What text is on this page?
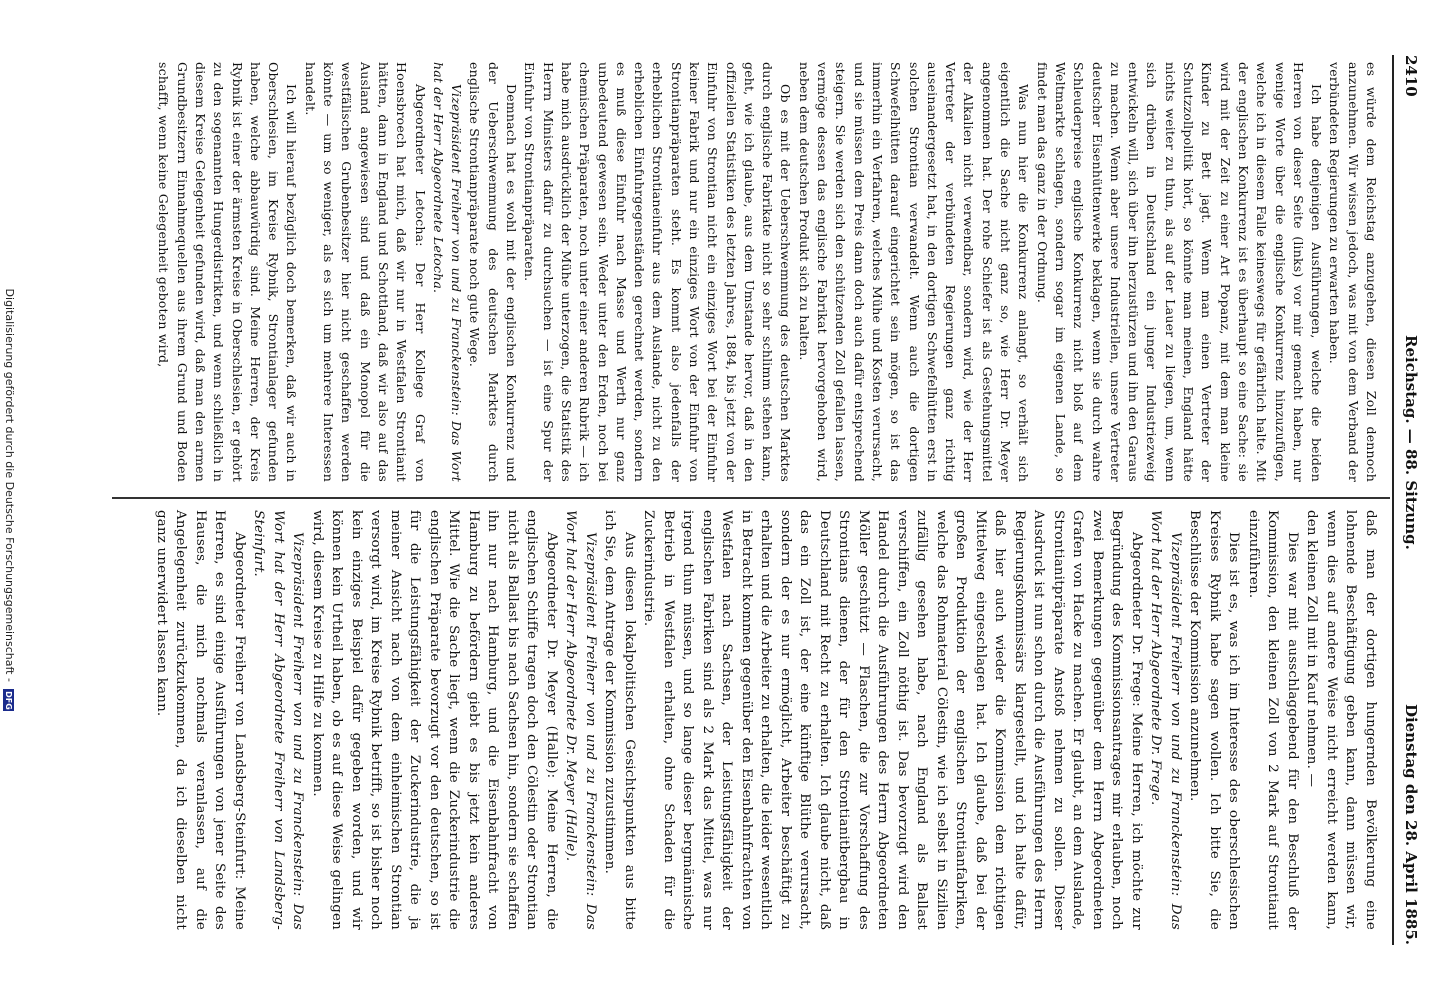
2410
Reichstag. — 88. Sitzung.
Dienstag den 28. April 1885.

es würde dem Reichstag anzugehen, diesen Zoll dennoch anzunehmen. Wir wissen jedoch, was mit von dem Verband der verbündeten Regierungen zu erwarten haben.

Ich habe denjenigen Ausführungen, welche die beiden Herren von dieser Seite (links) vor mir gemacht haben, nur wenige Worte über die englische Konkurrenz hinzuzufügen, welche ich in diesem Falle keineswegs für gefährlich halte. Mit der englischen Konkurrenz ist es überhaupt so eine Sache: sie wird mit der Zeit zu einer Art Popanz, mit dem man kleine Kinder zu Bett jagt. Wenn man einen Vertreter der Schutzzollpolitik hört, so könnte man meinen, England hätte nichts weiter zu thun, als auf der Lauer zu liegen, um, wenn sich drüben in Deutschland ein junger Industriezweig entwickeln will, sich über ihn herzustürzen und ihn den Garaus zu machen. Wenn aber unsere Industriellen, unsere Vertreter deutscher Eisenhüttenwerke beklagen, wenn sie durch wahre Schleuderpreise englische Konkurrenz nicht bloß auf dem Weltmarkte schlagen, sondern sogar im eigenen Lande, so findet man das ganz in der Ordnung.

Was nun hier die Konkurrenz anlangt, so verhält sich eigentlich die Sache nicht ganz so, wie Herr Dr. Meyer angenommen hat. Der rohe Schiefer ist als Gestehungsmittel der Alkalien nicht verwendbar, sondern wird, wie der Herr Vertreter der verbündeten Regierungen ganz richtig auseinandergesetzt hat, in den dortigen Schwefelhütten erst in solchen Strontian verwandelt. Wenn auch die dortigen Schwefelhütten darauf eingerichtet sein mögen, so ist das immerhin ein Verfahren, welches Mühe und Kosten verursacht, und sie müssen dem Preis dann doch auch dafür entsprechend steigern. Sie werden sich den schützenden Zoll gefallen lassen, vermöge dessen das englische Fabrikat hervorgehoben wird, neben dem deutschen Produkt sich zu halten.

Ob es mit der Ueberschwemmung des deutschen Marktes durch englische Fabrikate nicht so sehr schlimm stehen kann, geht, wie ich glaube, aus dem Umstande hervor, daß in den offiziellen Statistiken des letzten Jahres, 1884, bis jetzt von der Einfuhr von Strontian nicht ein einziges Wort bei der Einfuhr keiner Fabrik und nur ein einziges Wort von der Einfuhr von Strontianpräparaten steht. Es kommt also jedenfalls der erheblichen Strontianeinfuhr aus dem Auslande, nicht zu den erheblichen Einfuhrgegenständen gerechnet werden, sondern es muß diese Einfuhr nach Masse und Werth nur ganz unbedeutend gewesen sein. Weder unter den Erden, noch bei chemischen Präparaten, noch unter einer anderen Rubrik — ich habe mich ausdrücklich der Mühe unterzogen, die Statistik des Herrn Ministers dafür zu durchsuchen — ist eine Spur der Einfuhr von Strontianpräparaten.

Demnach hat es wohl mit der englischen Konkurrenz und der Ueberschwemmung des deutschen Marktes durch englische Strontianpräparate noch gute Wege.

Vizepräsident Freiherr von und zu Franckenstein: Das Wort hat der Herr Abgeordnete Letocha.

Abgeordneter Letocha: Der Herr Kollege Graf von Hoensbroech hat mich, daß wir nur in Westfalen Strontianit hätten, dann in England und Schottland, daß wir also auf das Ausland angewiesen sind und daß ein Monopol für die westfälischen Grubenbesitzer hier nicht geschaffen werden könnte — um so weniger, als es sich um mehrere Interessen handelt.

Ich will hierauf bezüglich doch bemerken, daß wir auch in Oberschlesien, im Kreise Rybnik, Strontianlager gefunden haben, welche abbauwürdig sind. Meine Herren, der Kreis Rybnik ist einer der ärmsten Kreise in Oberschlesien, er gehört zu den sogenannten Hungerdistrikten, und wenn schließlich in diesem Kreise Gelegenheit gefunden wird, daß man den armen Grundbesitzern Einnahmequellen aus ihrem Grund und Boden schafft, wenn keine Gelegenheit geboten wird,

daß man der dortigen hungernden Bevölkerung eine lohnende Beschäftigung geben kann, dann müssen wir, wenn dies auf andere Weise nicht erreicht werden kann, den kleinen Zoll mit in Kauf nehmen. —

Dies war mit ausschlaggebend für den Beschluß der Kommission, den kleinen Zoll von 2 Mark auf Strontianit einzuführen.

Dies ist es, was ich im Interesse des oberschlesischen Kreises Rybnik habe sagen wollen. Ich bitte Sie, die Beschlüsse der Kommission anzunehmen.

Vizepräsident Freiherr von und zu Franckenstein: Das Wort hat der Herr Abgeordnete Dr. Frege.

Abgeordneter Dr. Frege: Meine Herren, ich möchte zur Begründung des Kommissionsantrages mir erlauben, noch zwei Bemerkungen gegenüber dem Herrn Abgeordneten Grafen von Hacke zu machen. Er glaubt, an dem Auslande, Strontianitpräparate Anstoß nehmen zu sollen. Dieser Ausdruck ist nun schon durch die Ausführungen des Herrn Regierungskommissärs klargestellt, und ich halte dafür, daß hier auch wieder die Kommission dem richtigen Mittelweg eingeschlagen hat. Ich glaube, daß bei der großen Produktion der englischen Strontianfabriken, welche das Rohmaterial Cölestin, wie ich selbst in Sizilien zufällig gesehen habe, nach England als Ballast verschiffen, ein Zoll nöthig ist. Das bevorzugt wird den Handel durch die Ausführungen des Herrn Abgeordneten Möller geschützt — Flaschen, die zur Vorschaffung des Strontians dienen, der für den Strontianitbergbau in Deutschland mit Recht zu erhalten. Ich glaube nicht, daß das ein Zoll ist, der eine künftige Blüthe verursacht, sondern der es nur ermöglicht, Arbeiter beschäftigt zu erhalten und die Arbeiter zu erhalten, die leider wesentlich in Betracht kommen gegenüber den Eisenbahnfrachten von Westfalen nach Sachsen, der Leistungsfähigkeit der englischen Fabriken sind als 2 Mark das Mittel, was nur irgend thun müssen, und so lange dieser bergmännische Betrieb in Westfalen erhalten, ohne Schaden für die Zuckerindustrie.

Aus diesen lokalpolitischen Gesichtspunkten aus bitte ich Sie, dem Antrage der Kommission zuzustimmen.

Vizepräsident Freiherr von und zu Franckenstein: Das Wort hat der Herr Abgeordnete Dr. Meyer (Halle).

Abgeordneter Dr. Meyer (Halle): Meine Herren, die englischen Schiffe tragen doch den Cölestin oder Strontian nicht als Ballast bis nach Sachsen hin, sondern sie schaffen ihn nur nach Hamburg, und die Eisenbahnfracht von Hamburg zu befördern giebt es bis jetzt kein anderes Mittel. Wie die Sache liegt, wenn die Zuckerindustrie die englischen Präparate bevorzugt vor den deutschen, so ist für die Leistungsfähigkeit der Zuckerindustrie, die ja meiner Ansicht nach von dem einheimischen Strontian versorgt wird, im Kreise Rybnik betrifft, so ist bisher noch kein einziges Beispiel dafür gegeben worden, und wir können kein Urtheil haben, ob es auf diese Weise gelingen wird, diesem Kreise zu Hilfe zu kommen.

Vizepräsident Freiherr von und zu Franckenstein: Das Wort hat der Herr Abgeordnete Freiherr von Landsberg-Steinfurt.

Abgeordneter Freiherr von Landsberg-Steinfurt: Meine Herren, es sind einige Ausführungen von jener Seite des Hauses, die mich nochmals veranlassen, auf die Angelegenheit zurückzukommen, da ich dieselben nicht ganz unerwidert lassen kann.

Digitalisierung gefördert durch die Deutsche Forschungsgemeinschaft - DFG
